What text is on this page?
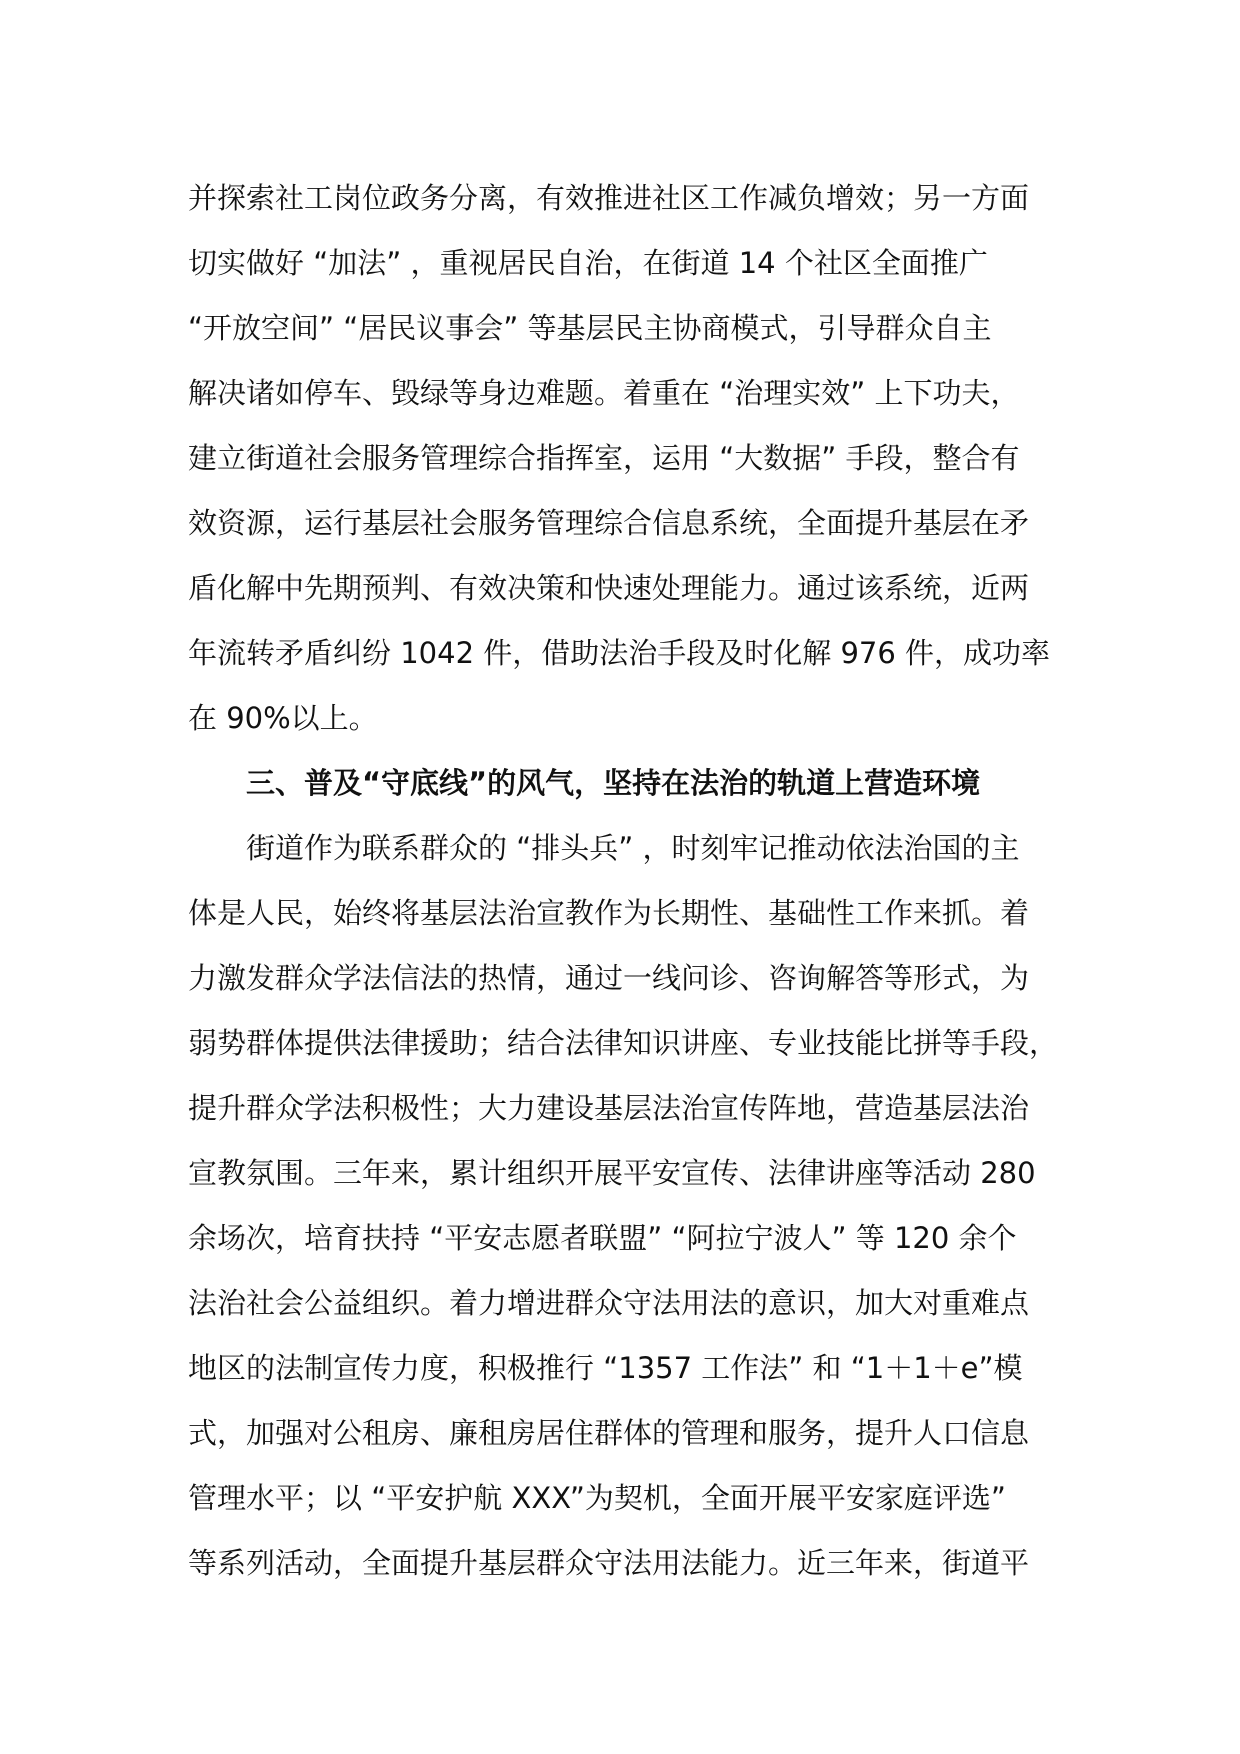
并探索社工岗位政务分离，有效推进社区工作减负增效；另一方面
切实做好 “加法” ，重视居民自治，在街道 14 个社区全面推广
“开放空间” “居民议事会” 等基层民主协商模式，引导群众自主
解决诸如停车、毁绿等身边难题。着重在 “治理实效” 上下功夫，
建立街道社会服务管理综合指挥室，运用 “大数据” 手段，整合有
效资源，运行基层社会服务管理综合信息系统，全面提升基层在矛
盾化解中先期预判、有效决策和快速处理能力。通过该系统，近两
年流转矛盾纠纷 1042 件，借助法治手段及时化解 976 件，成功率
在 90%以上。
三、普及“守底线”的风气，坚持在法治的轨道上营造环境
街道作为联系群众的 “排头兵” ，时刻牢记推动依法治国的主
体是人民，始终将基层法治宣教作为长期性、基础性工作来抓。着
力激发群众学法信法的热情，通过一线问诊、咨询解答等形式，为
弱势群体提供法律援助；结合法律知识讲座、专业技能比拼等手段，
提升群众学法积极性；大力建设基层法治宣传阵地，营造基层法治
宣教氛围。三年来，累计组织开展平安宣传、法律讲座等活动 280
余场次，培育扶持 “平安志愿者联盟” “阿拉宁波人” 等 120 余个
法治社会公益组织。着力增进群众守法用法的意识，加大对重难点
地区的法制宣传力度，积极推行 “1357 工作法” 和 “1＋1＋e”模
式，加强对公租房、廉租房居住群体的管理和服务，提升人口信息
管理水平；以 “平安护航 XXX”为契机，全面开展平安家庭评选”
等系列活动，全面提升基层群众守法用法能力。近三年来，街道平
